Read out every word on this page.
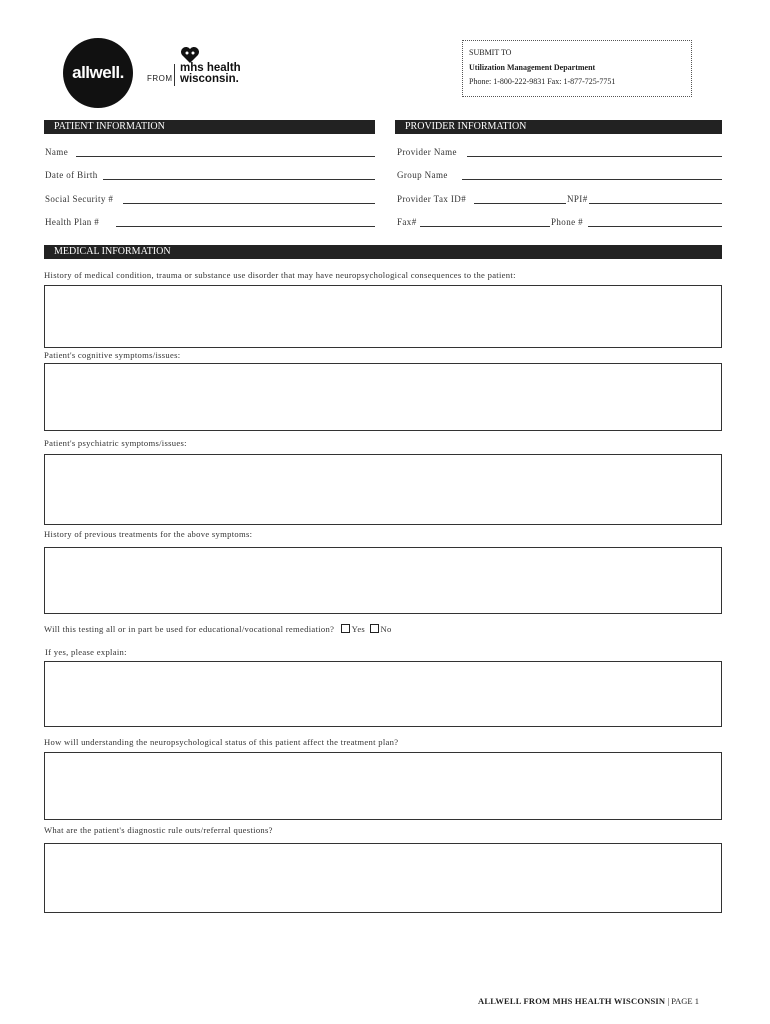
allwell.	FROM
mhs health
wisconsin.
SUBMIT TO
Utilization Management Department
Phone: 1-800-222-9831 Fax: 1-877-725-7751
PATIENT INFORMATION
Name
Date of Birth
Social Security #
Health Plan #
PROVIDER INFORMATION
Provider Name
Group Name
Provider Tax ID#	NPI#
Fax#	Phone #
MEDICAL INFORMATION
History of medical condition, trauma or substance use disorder that may have neuropsychological consequences to the patient:
Patient's cognitive symptoms/issues:
Patient's psychiatric symptoms/issues:
History of previous treatments for the above symptoms:
Will this testing all or in part be used for educational/vocational remediation? Yes No
If yes, please explain:
How will understanding the neuropsychological status of this patient affect the treatment plan?
What are the patient's diagnostic rule outs/referral questions?
ALLWELL FROM MHS HEALTH WISCONSIN | PAGE 1
